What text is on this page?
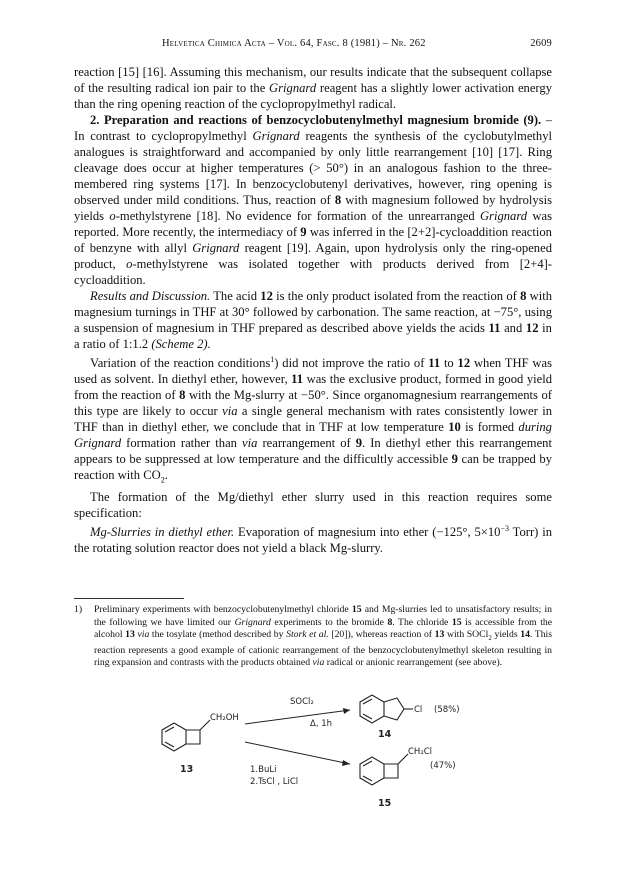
Helvetica Chimica Acta – Vol. 64, Fasc. 8 (1981) – Nr. 262	2609

reaction [15] [16]. Assuming this mechanism, our results indicate that the subsequent collapse of the resulting radical ion pair to the Grignard reagent has a slightly lower activation energy than the ring opening reaction of the cyclopropylmethyl radical.

2. Preparation and reactions of benzocyclobutenylmethyl magnesium bromide (9). – In contrast to cyclopropylmethyl Grignard reagents the synthesis of the cyclobutylmethyl analogues is straightforward and accompanied by only little rearrangement [10] [17]. Ring cleavage does occur at higher temperatures (> 50°) in an analogous fashion to the three-membered ring systems [17]. In benzocyclobutenyl derivatives, however, ring opening is observed under mild conditions. Thus, reaction of 8 with magnesium followed by hydrolysis yields o-methylstyrene [18]. No evidence for formation of the unrearranged Grignard was reported. More recently, the intermediacy of 9 was inferred in the [2+2]-cycloaddition reaction of benzyne with allyl Grignard reagent [19]. Again, upon hydrolysis only the ring-opened product, o-methylstyrene was isolated together with products derived from [2+4]-cycloaddition.

Results and Discussion. The acid 12 is the only product isolated from the reaction of 8 with magnesium turnings in THF at 30° followed by carbonation. The same reaction, at −75°, using a suspension of magnesium in THF prepared as described above yields the acids 11 and 12 in a ratio of 1:1.2 (Scheme 2).

Variation of the reaction conditions$^1$) did not improve the ratio of 11 to 12 when THF was used as solvent. In diethyl ether, however, 11 was the exclusive product, formed in good yield from the reaction of 8 with the Mg-slurry at −50°. Since organomagnesium rearrangements of this type are likely to occur via a single general mechanism with rates consistently lower in THF than in diethyl ether, we conclude that in THF at low temperature 10 is formed during Grignard formation rather than via rearrangement of 9. In diethyl ether this rearrangement appears to be suppressed at low temperature and the difficultly accessible 9 can be trapped by reaction with $CO_2$.

The formation of the Mg/diethyl ether slurry used in this reaction requires some specification:

Mg-Slurries in diethyl ether. Evaporation of magnesium into ether (−125°, $5\times 10^{-3}$ Torr) in the rotating solution reactor does not yield a black Mg-slurry.

1) Preliminary experiments with benzocyclobutenylmethyl chloride 15 and Mg-slurries led to unsatisfactory results; in the following we have limited our Grignard experiments to the bromide 8. The chloride 15 is accessible from the alcohol 13 via the tosylate (method described by Stork et al. [20]), whereas reaction of 13 with SOCl$_2$ yields 14. This reaction represents a good example of cationic rearrangement of the benzocyclobutenylmethyl skeleton resulting in ring expansion and contrasts with the products obtained via radical or anionic rearrangement (see above).
CH₂OH
13
SOCl₂
Δ, 1h
Cl (58%)
14
1.BuLi
2.TsCl , LiCl
CH₂Cl
(47%)
15
